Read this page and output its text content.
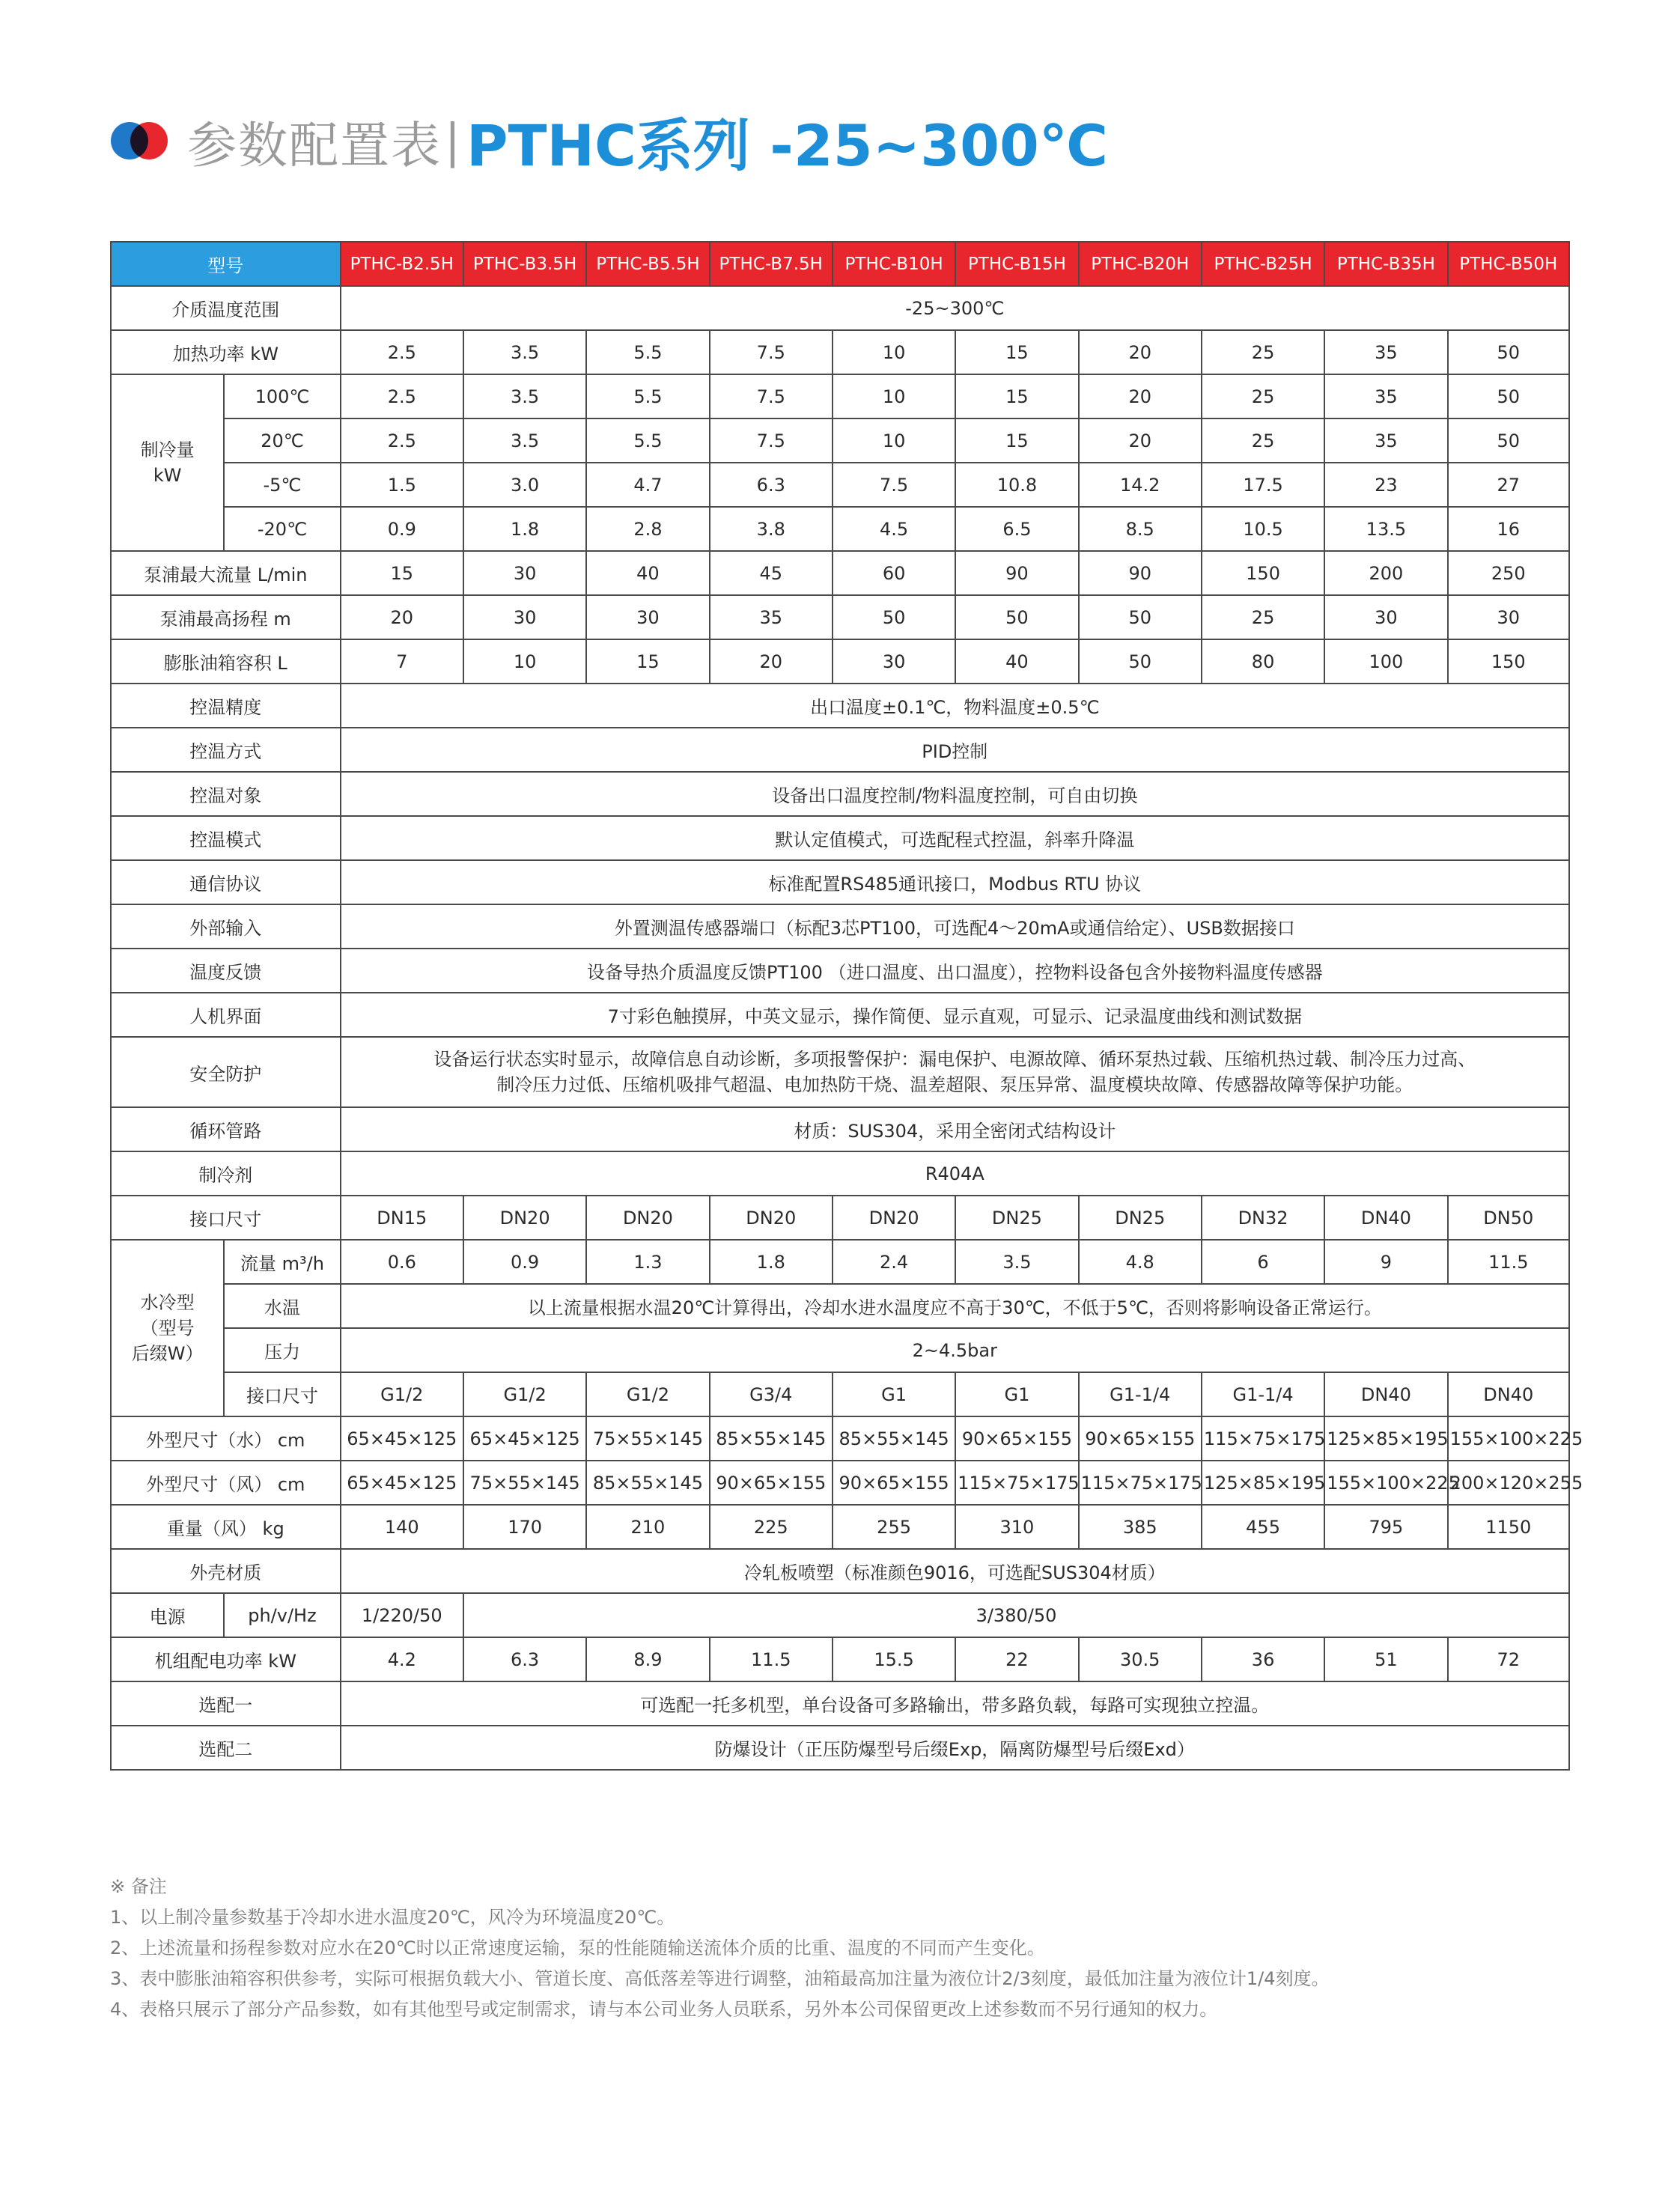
参数配置表 | PTHC系列 -25~300℃
型号		PTHC-B2.5H	PTHC-B3.5H	PTHC-B5.5H	PTHC-B7.5H	PTHC-B10H	PTHC-B15H	PTHC-B20H	PTHC-B25H	PTHC-B35H	PTHC-B50H
介质温度范围		-25~300℃									
加热功率 kW		2.5	3.5	5.5	7.5	10	15	20	25	35	50
制冷量 kW	100℃	2.5	3.5	5.5	7.5	10	15	20	25	35	50
	20℃	2.5	3.5	5.5	7.5	10	15	20	25	35	50
	-5℃	1.5	3.0	4.7	6.3	7.5	10.8	14.2	17.5	23	27
	-20℃	0.9	1.8	2.8	3.8	4.5	6.5	8.5	10.5	13.5	16
泵浦最大流量 L/min		15	30	40	45	60	90	90	150	200	250
泵浦最高扬程 m		20	30	30	35	50	50	50	25	30	30
膨胀油箱容积 L		7	10	15	20	30	40	50	80	100	150
控温精度		出口温度±0.1℃，物料温度±0.5℃									
控温方式		PID控制									
控温对象		设备出口温度控制/物料温度控制，可自由切换									
控温模式		默认定值模式，可选配程式控温，斜率升降温									
通信协议		标准配置RS485通讯接口，Modbus RTU 协议									
外部输入		外置测温传感器端口（标配3芯PT100，可选配4～20mA或通信给定）、USB数据接口									
温度反馈		设备导热介质温度反馈PT100 （进口温度、出口温度），控物料设备包含外接物料温度传感器									
人机界面		7寸彩色触摸屏，中英文显示，操作简便、显示直观，可显示、记录温度曲线和测试数据									
安全防护		设备运行状态实时显示，故障信息自动诊断，多项报警保护：漏电保护、电源故障、循环泵热过载、压缩机热过载、制冷压力过高、
制冷压力过低、压缩机吸排气超温、电加热防干烧、温差超限、泵压异常、温度模块故障、传感器故障等保护功能。									

循环管路		材质：SUS304，采用全密闭式结构设计									
制冷剂		R404A									
接口尺寸		DN15	DN20	DN20	DN20	DN20	DN25	DN25	DN32	DN40	DN50

水冷型
（型号
后缀W）	流量 m³/h	0.6	0.9	1.3	1.8	2.4	3.5	4.8	6	9	11.5
	水温	以上流量根据水温20℃计算得出，冷却水进水温度应不高于30℃，不低于5℃，否则将影响设备正常运行。									
	压力	2~4.5bar									
	接口尺寸	G1/2	G1/2	G1/2	G3/4	G1	G1	G1-1/4	G1-1/4	DN40	DN40
外型尺寸（水） cm		65×45×125	65×45×125	75×55×145	85×55×145	85×55×145	90×65×155	90×65×155	115×75×175	125×85×195	155×100×225
外型尺寸（风） cm		65×45×125	75×55×145	85×55×145	90×65×155	90×65×155	115×75×175	115×75×175	125×85×195	155×100×225	200×120×255
重量（风） kg		140	170	210	225	255	310	385	455	795	1150
外壳材质		冷轧板喷塑（标准颜色9016，可选配SUS304材质）									
电源	ph/v/Hz	1/220/50	3/380/50								
机组配电功率 kW		4.2	6.3	8.9	11.5	15.5	22	30.5	36	51	72
选配一		可选配一托多机型，单台设备可多路输出，带多路负载，每路可实现独立控温。									
选配二		防爆设计（正压防爆型号后缀Exp，隔离防爆型号后缀Exd）									
※ 备注
1、以上制冷量参数基于冷却水进水温度20℃，风冷为环境温度20℃。
2、上述流量和扬程参数对应水在20℃时以正常速度运输，泵的性能随输送流体介质的比重、温度的不同而产生变化。
3、表中膨胀油箱容积供参考，实际可根据负载大小、管道长度、高低落差等进行调整，油箱最高加注量为液位计2/3刻度，最低加注量为液位计1/4刻度。
4、表格只展示了部分产品参数，如有其他型号或定制需求，请与本公司业务人员联系，另外本公司保留更改上述参数而不另行通知的权力。
